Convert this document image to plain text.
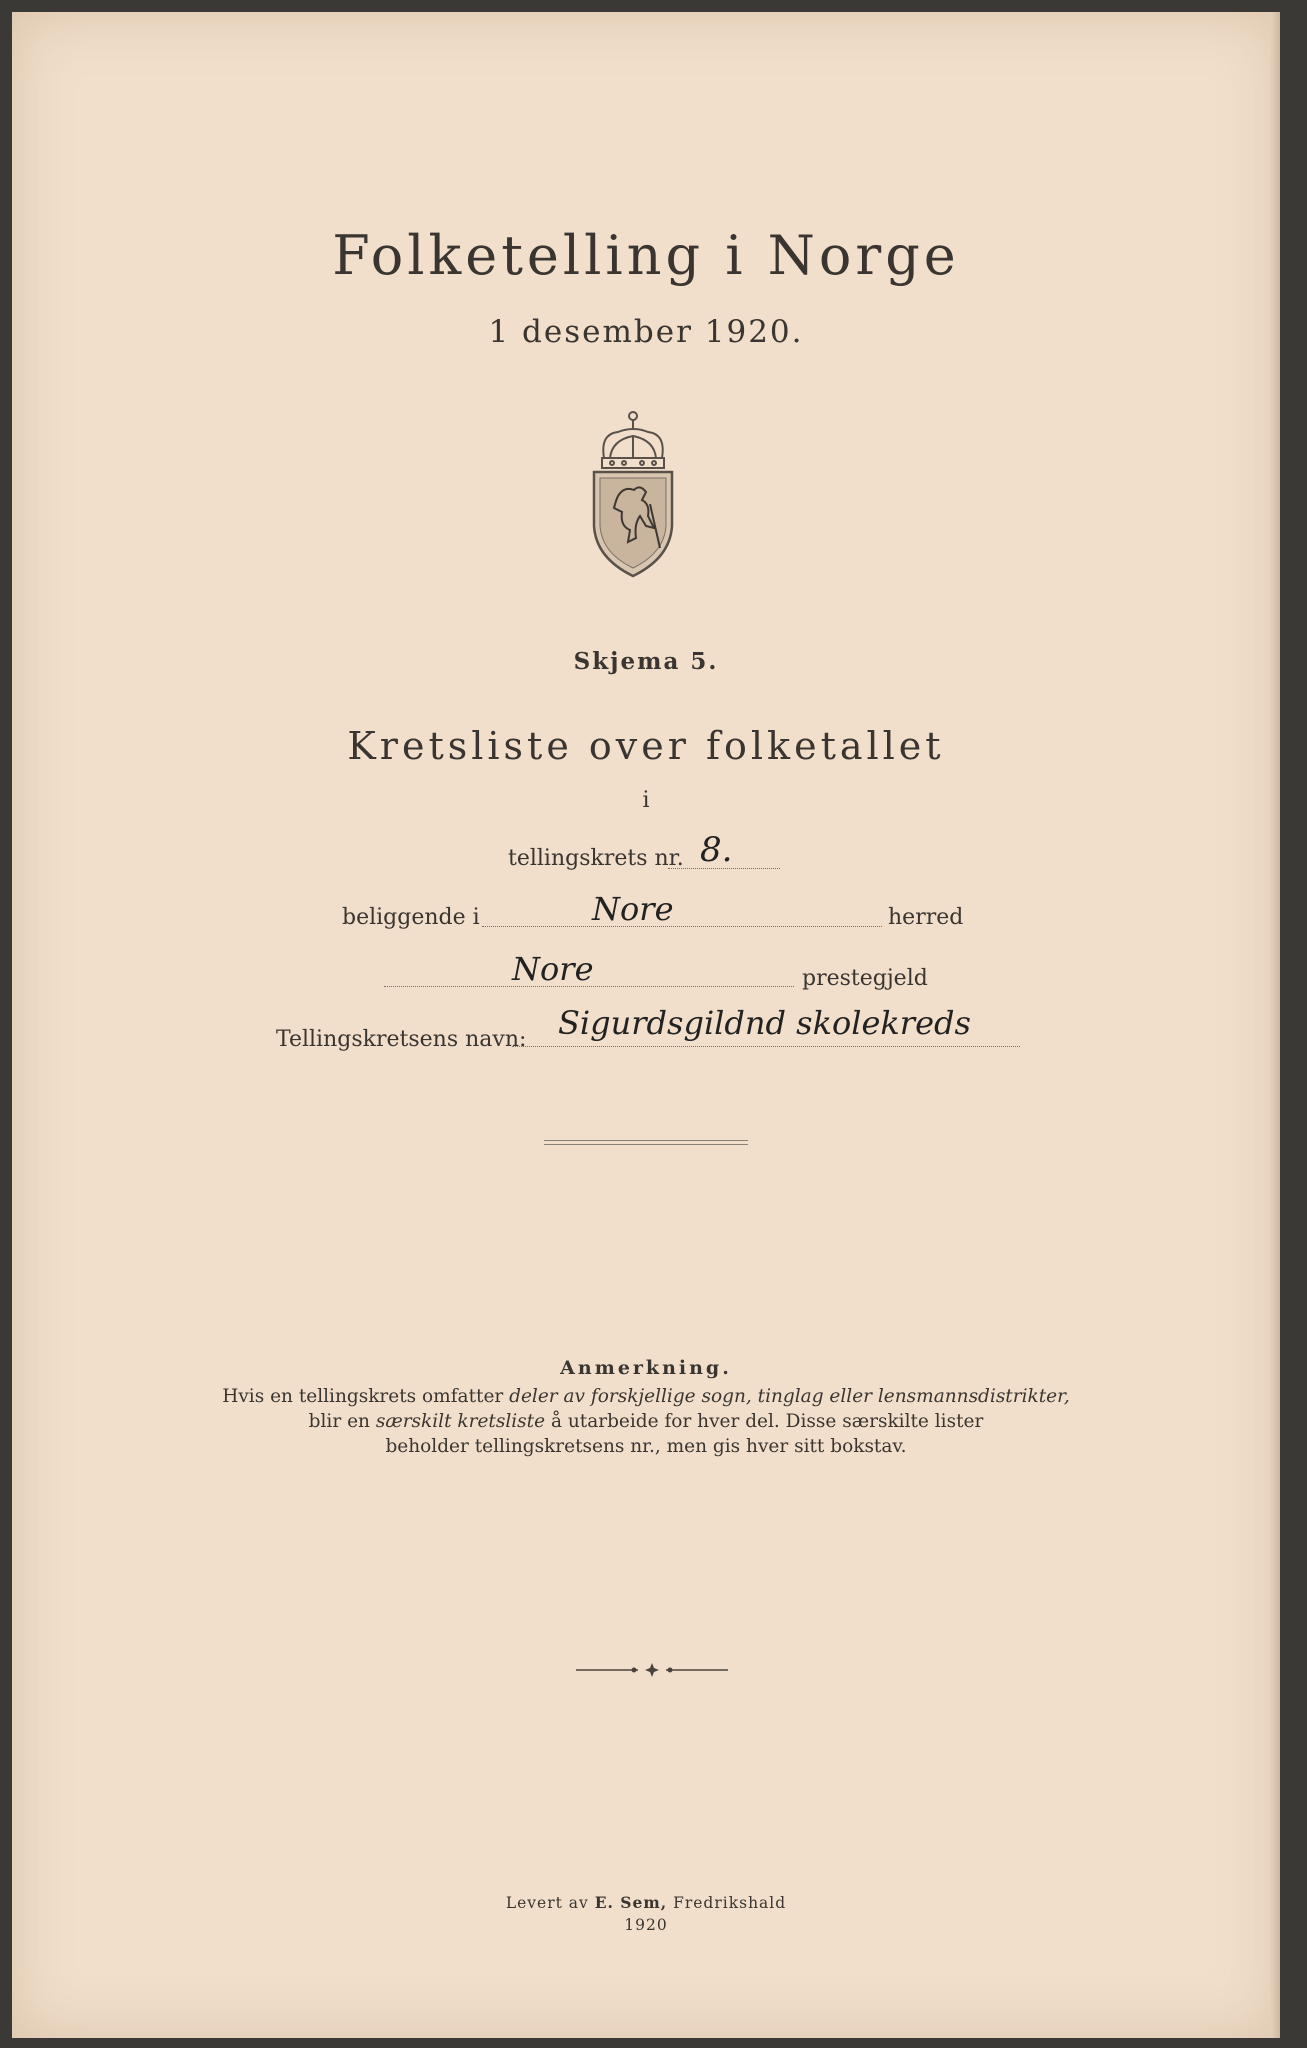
Folketelling i Norge
1 desember 1920.
Skjema 5.
Kretsliste over folketallet
i
tellingskrets nr. 8.
beliggende i	Nore	herred
Nore	prestegjeld
Tellingskretsens navn: Sigurdsgildnd skolekreds
Anmerkning.
Hvis en tellingskrets omfatter deler av forskjellige sogn, tinglag eller lensmannsdistrikter,
blir en særskilt kretsliste å utarbeide for hver del. Disse særskilte lister
beholder tellingskretsens nr., men gis hver sitt bokstav.
Levert av E. Sem, Fredrikshald
1920
